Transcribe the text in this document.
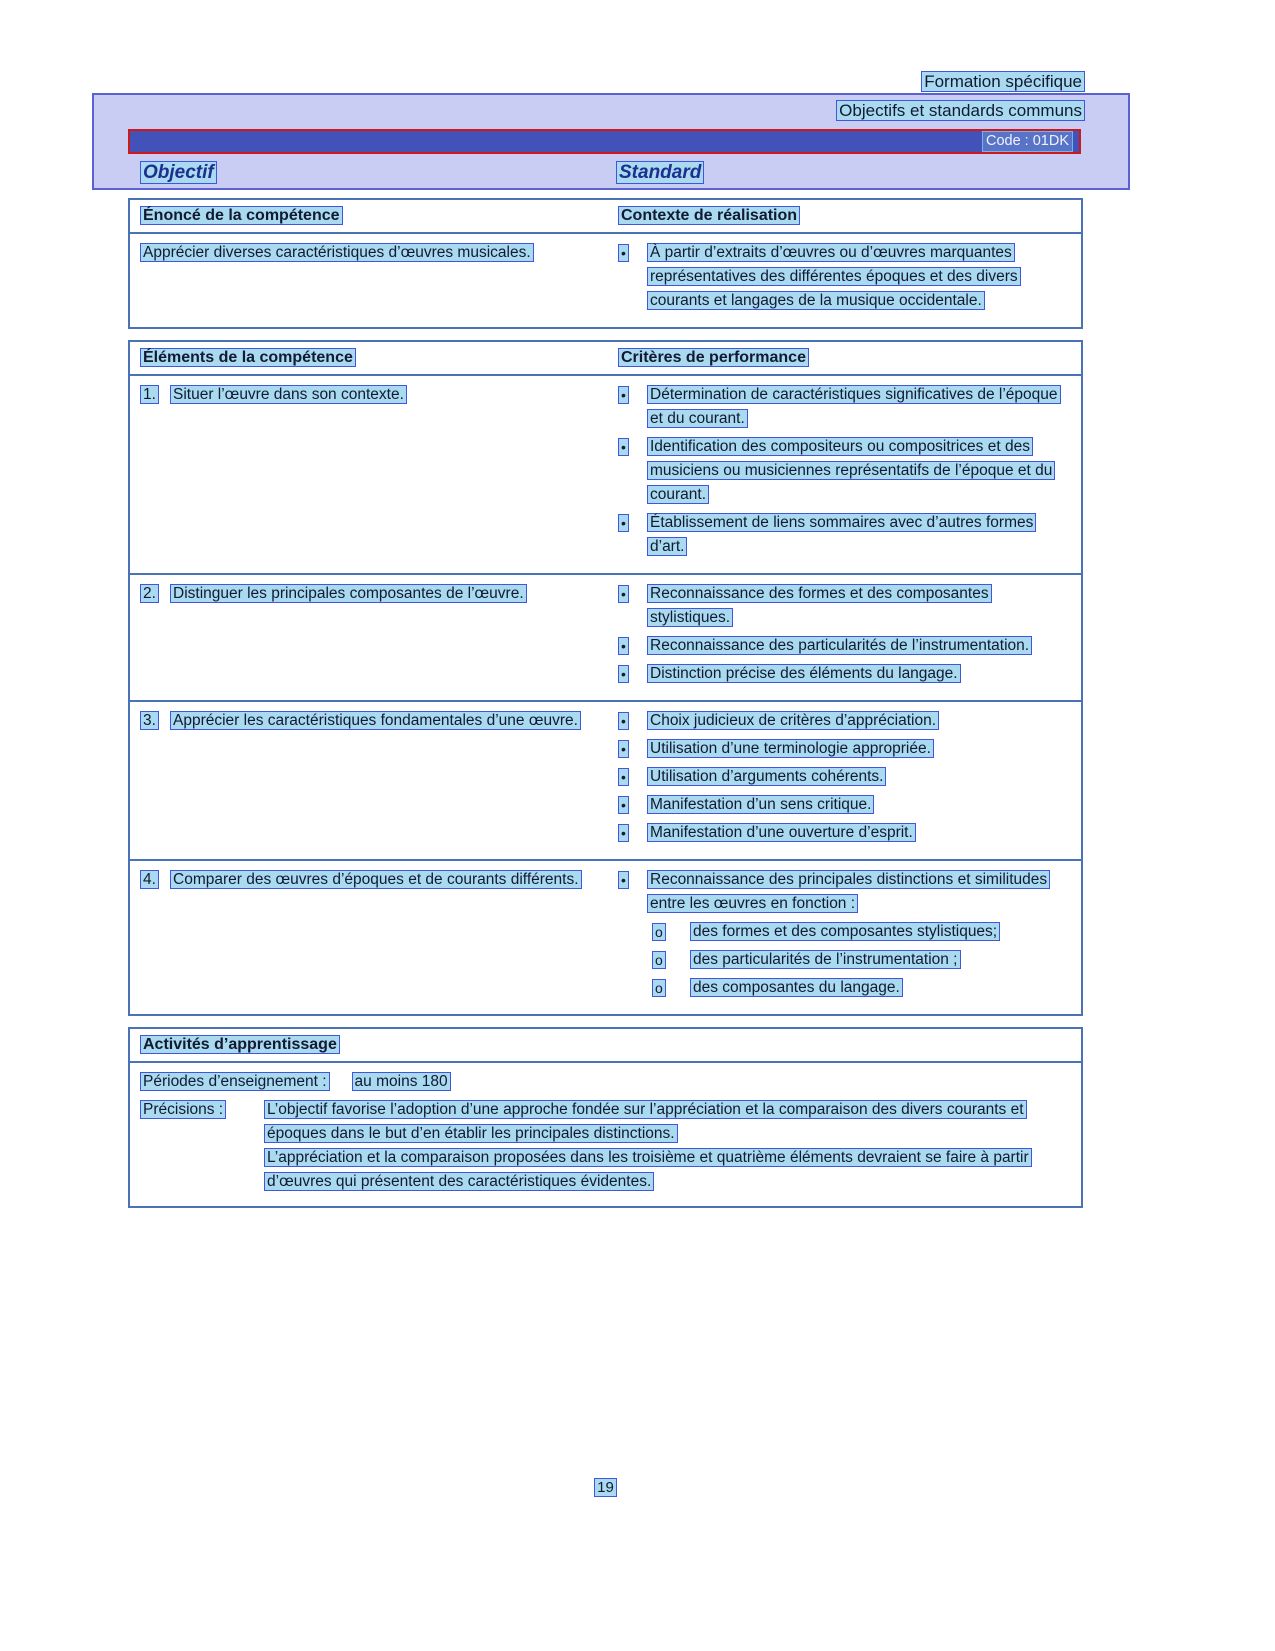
Formation spécifique
Objectifs et standards communs
Code : 01DK
Objectif	Standard
Énoncé de la compétence	Contexte de réalisation
Apprécier diverses caractéristiques d’œuvres musicales.	• À partir d’extraits d’œuvres ou d’œuvres marquantes représentatives des différentes époques et des divers courants et langages de la musique occidentale.
Éléments de la compétence	Critères de performance
1.	Situer l’œuvre dans son contexte.	• Détermination de caractéristiques significatives de l’époque et du courant.
• Identification des compositeurs ou compositrices et des musiciens ou musiciennes représentatifs de l’époque et du courant.
• Établissement de liens sommaires avec d’autres formes d’art.
2.	Distinguer les principales composantes de l’œuvre.	• Reconnaissance des formes et des composantes stylistiques.
• Reconnaissance des particularités de l’instrumentation.
• Distinction précise des éléments du langage.
3.	Apprécier les caractéristiques fondamentales d’une œuvre.	• Choix judicieux de critères d’appréciation.
• Utilisation d’une terminologie appropriée.
• Utilisation d’arguments cohérents.
• Manifestation d’un sens critique.
• Manifestation d’une ouverture d’esprit.
4.	Comparer des œuvres d’époques et de courants différents.	• Reconnaissance des principales distinctions et similitudes entre les œuvres en fonction :
o des formes et des composantes stylistiques;
o des particularités de l’instrumentation ;
o des composantes du langage.
Activités d’apprentissage
Périodes d’enseignement : au moins 180
Précisions :	L’objectif favorise l’adoption d’une approche fondée sur l’appréciation et la comparaison des divers courants et époques dans le but d’en établir les principales distinctions.

L’appréciation et la comparaison proposées dans les troisième et quatrième éléments devraient se faire à partir d’œuvres qui présentent des caractéristiques évidentes.

19
